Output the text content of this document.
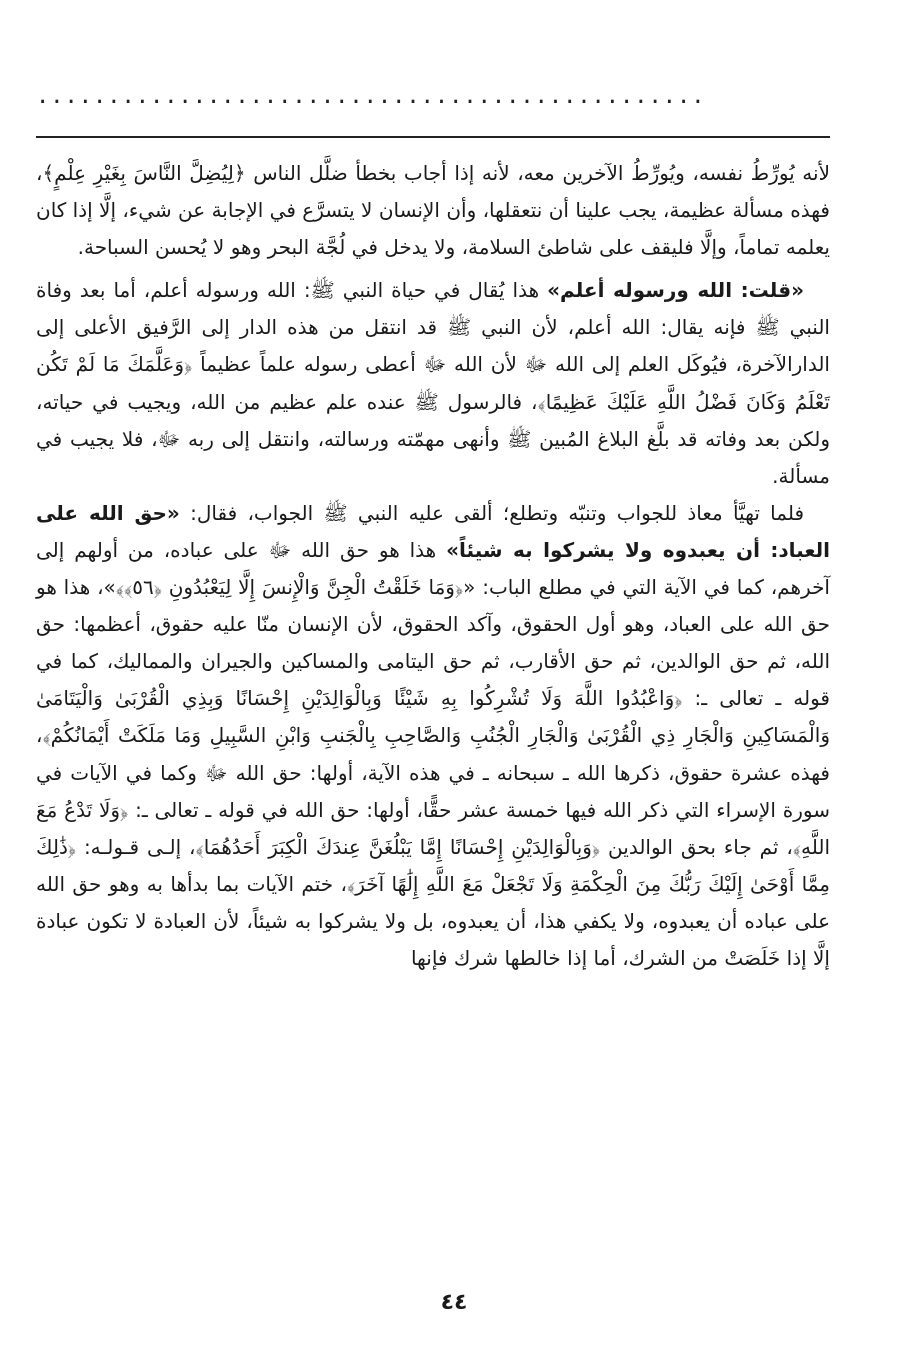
...............................................

لأنه يُورِّطُ نفسه، ويُورِّطُ الآخرين معه، لأنه إذا أجاب بخطأ ضلَّل الناس ﴿لِيُضِلَّ النَّاسَ بِغَيْرِ عِلْمٍ﴾، فهذه مسألة عظيمة، يجب علينا أن نتعقلها، وأن الإنسان لا يتسرَّع في الإجابة عن شيء، إلَّا إذا كان يعلمه تماماً، وإلَّا فليقف على شاطئ السلامة، ولا يدخل في لُجَّة البحر وهو لا يُحسن السباحة.

«قلت: الله ورسوله أعلم» هذا يُقال في حياة النبي ﷺ: الله ورسوله أعلم، أما بعد وفاة النبي ﷺ فإنه يقال: الله أعلم، لأن النبي ﷺ قد انتقل من هذه الدار إلى الرَّفيق الأعلى إلى الدارالآخرة، فيُوكَل العلم إلى الله ﷻ لأن الله ﷻ أعطى رسوله علماً عظيماً ﴿وَعَلَّمَكَ مَا لَمْ تَكُن تَعْلَمُ وَكَانَ فَضْلُ اللَّهِ عَلَيْكَ عَظِيمًا﴾، فالرسول ﷺ عنده علم عظيم من الله، ويجيب في حياته، ولكن بعد وفاته قد بلَّغ البلاغ المُبين ﷺ وأنهى مهمّته ورسالته، وانتقل إلى ربه ﷻ، فلا يجيب في مسألة.

فلما تهيَّأ معاذ للجواب وتنبّه وتطلع؛ ألقى عليه النبي ﷺ الجواب، فقال: «حق الله على العباد: أن يعبدوه ولا يشركوا به شيئاً» هذا هو حق الله ﷻ على عباده، من أولهم إلى آخرهم، كما في الآية التي في مطلع الباب: «﴿وَمَا خَلَقْتُ الْجِنَّ وَالْإِنسَ إِلَّا لِيَعْبُدُونِ ﴿٥٦﴾﴾»، هذا هو حق الله على العباد، وهو أول الحقوق، وآكد الحقوق، لأن الإنسان منّا عليه حقوق، أعظمها: حق الله، ثم حق الوالدين، ثم حق الأقارب، ثم حق اليتامى والمساكين والجيران والمماليك، كما في قوله ـ تعالى ـ: ﴿وَاعْبُدُوا اللَّهَ وَلَا تُشْرِكُوا بِهِ شَيْئًا وَبِالْوَالِدَيْنِ إِحْسَانًا وَبِذِي الْقُرْبَىٰ وَالْيَتَامَىٰ وَالْمَسَاكِينِ وَالْجَارِ ذِي الْقُرْبَىٰ وَالْجَارِ الْجُنُبِ وَالصَّاحِبِ بِالْجَنبِ وَابْنِ السَّبِيلِ وَمَا مَلَكَتْ أَيْمَانُكُمْ﴾، فهذه عشرة حقوق، ذكرها الله ـ سبحانه ـ في هذه الآية، أولها: حق الله ﷻ وكما في الآيات في سورة الإسراء التي ذكر الله فيها خمسة عشر حقًّا، أولها: حق الله في قوله ـ تعالى ـ: ﴿وَلَا تَدْعُ مَعَ اللَّهِ﴾، ثم جاء بحق الوالدين ﴿وَبِالْوَالِدَيْنِ إِحْسَانًا إِمَّا يَبْلُغَنَّ عِندَكَ الْكِبَرَ أَحَدُهُمَا﴾، إلـى قـولـه: ﴿ذَٰلِكَ مِمَّا أَوْحَىٰ إِلَيْكَ رَبُّكَ مِنَ الْحِكْمَةِ وَلَا تَجْعَلْ مَعَ اللَّهِ إِلَٰهًا آخَرَ﴾، ختم الآيات بما بدأها به وهو حق الله على عباده أن يعبدوه، ولا يكفي هذا، أن يعبدوه، بل ولا يشركوا به شيئاً، لأن العبادة لا تكون عبادة إلَّا إذا خَلَصَتْ من الشرك، أما إذا خالطها شرك فإنها

٤٤
